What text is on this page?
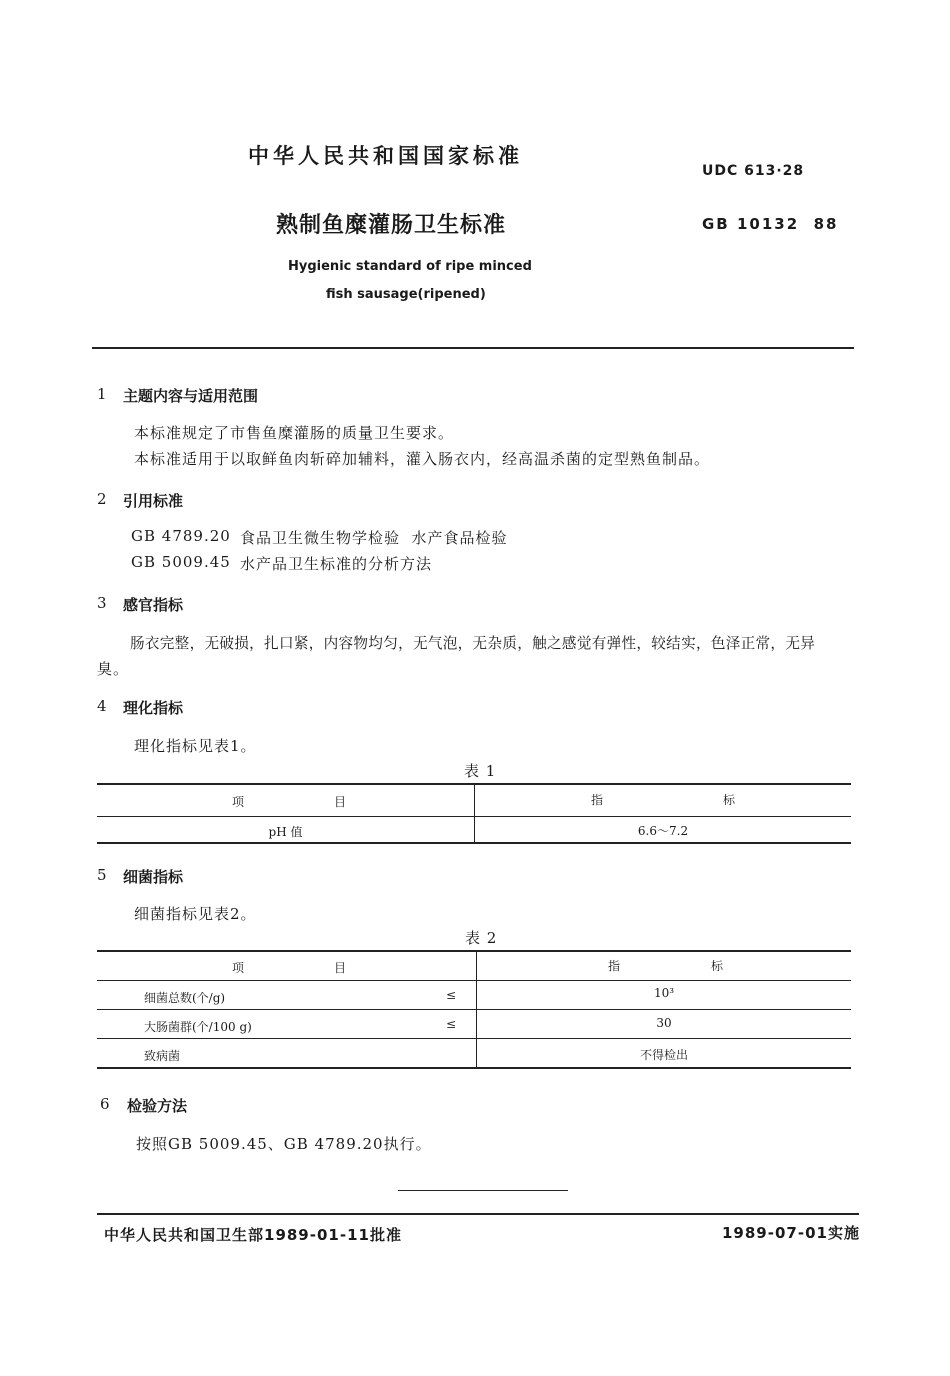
中华人民共和国国家标准
UDC 613·28
熟制鱼糜灌肠卫生标准	GB 10132  88
Hygienic standard of ripe minced
fish sausage(ripened)
1 主题内容与适用范围
本标准规定了市售鱼糜灌肠的质量卫生要求。
本标准适用于以取鲜鱼肉斩碎加辅料，灌入肠衣内，经高温杀菌的定型熟鱼制品。
2 引用标准
GB 4789.20 食品卫生微生物学检验  水产食品检验
GB 5009.45 水产品卫生标准的分析方法
3 感官指标
肠衣完整，无破损，扎口紧，内容物均匀，无气泡，无杂质，触之感觉有弹性，较结实，色泽正常，无异
臭。
4 理化指标
理化指标见表1。
表 1
项	目	指	标
pH 值	6.6～7.2
5 细菌指标
细菌指标见表2。
表 2
项	目	指	标
细菌总数(个/g)	≤	10³
大肠菌群(个/100 g)	≤	30
致病菌	不得检出
6 检验方法
按照GB 5009.45、GB 4789.20执行。
中华人民共和国卫生部1989-01-11批准	1989-07-01实施
